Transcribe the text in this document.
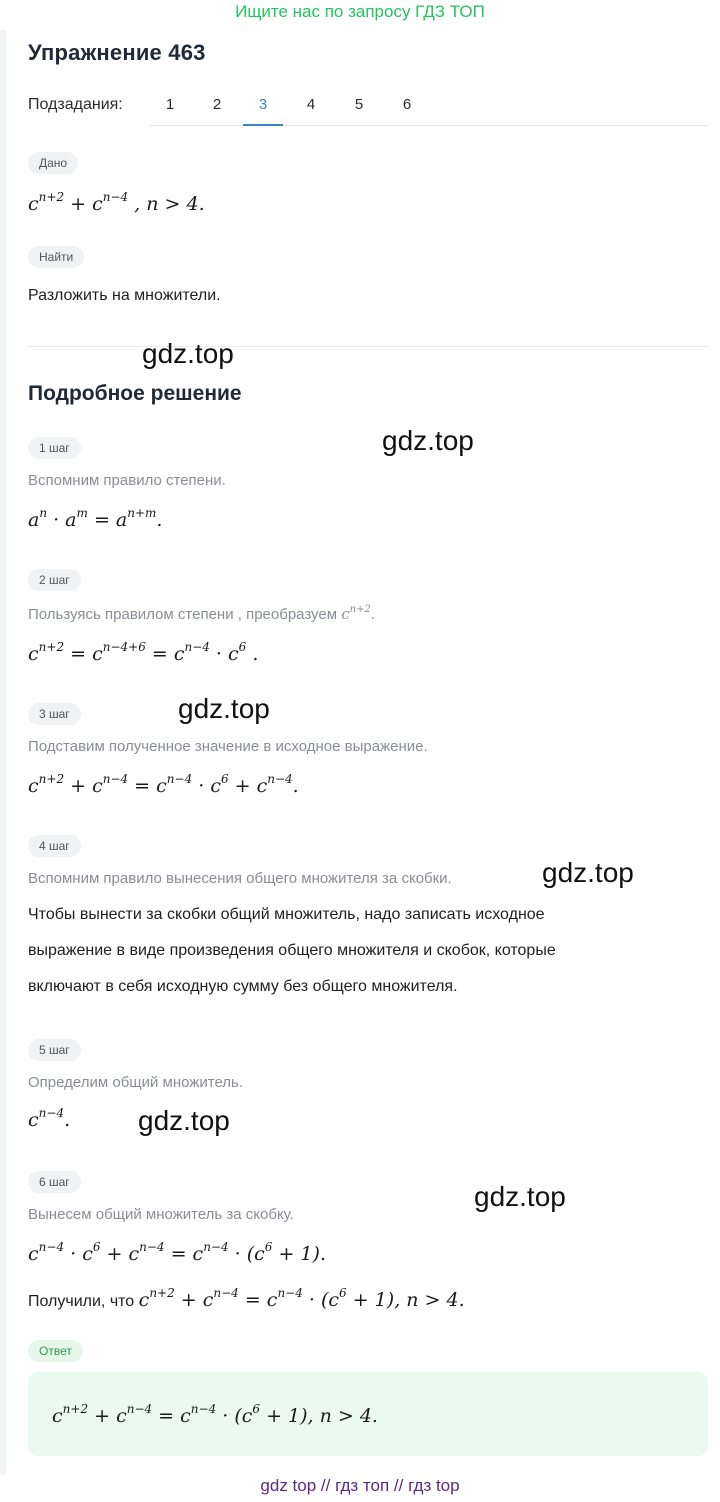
Ищите нас по запросу ГДЗ ТОП
Упражнение 463
Подзадания:	1	2	3	4	5	6
Дано
$c^{n+2} + c^{n-4}$ , n > 4.
Найти
Разложить на множители.
Подробное решение
1 шаг
Вспомним правило степени.
$a^n \cdot a^m = a^{n+m}$.
2 шаг
Пользуясь правилом степени , преобразуем $c^{n+2}$.
$c^{n+2} = c^{n-4+6} = c^{n-4} \cdot c^6$ .
3 шаг
Подставим полученное значение в исходное выражение.
$c^{n+2} + c^{n-4} = c^{n-4} \cdot c^6 + c^{n-4}$.
4 шаг
Вспомним правило вынесения общего множителя за скобки.
Чтобы вынести за скобки общий множитель, надо записать исходное
выражение в виде произведения общего множителя и скобок, которые
включают в себя исходную сумму без общего множителя.
5 шаг
Определим общий множитель.
$c^{n-4}$.
6 шаг
Вынесем общий множитель за скобку.
$c^{n-4} \cdot c^6 + c^{n-4} = c^{n-4} \cdot (c^6 + 1)$.
Получили, что $c^{n+2} + c^{n-4} = c^{n-4} \cdot (c^6 + 1)$, n > 4.
Ответ
$c^{n+2} + c^{n-4} = c^{n-4} \cdot (c^6 + 1)$, n > 4.
gdz.top
gdz.top
gdz.top
gdz.top
gdz.top
gdz.top
gdz top // гдз топ // гдз top
